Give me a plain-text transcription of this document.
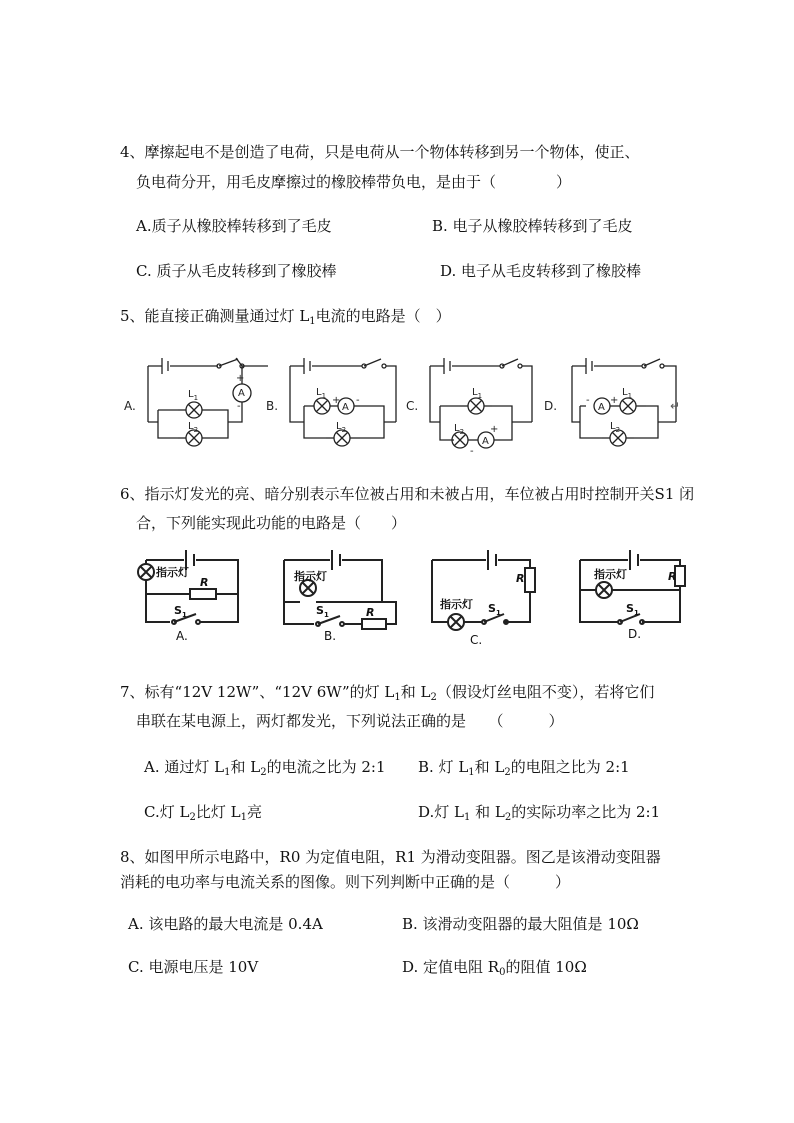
4、摩擦起电不是创造了电荷，只是电荷从一个物体转移到另一个物体，使正、
负电荷分开，用毛皮摩擦过的橡胶棒带负电，是由于（　　　　）
A.质子从橡胶棒转移到了毛皮	B. 电子从橡胶棒转移到了毛皮
C. 质子从毛皮转移到了橡胶棒	D. 电子从毛皮转移到了橡胶棒
5、能直接正确测量通过灯 $L_1$电流的电路是（　）
A.
$L_1$
$L_2$
A
+
- B.
$L_1$
$L_2$
A
+ -	C.
$L_1$
$L_2$
A
+
-
D.
$L_1$
$L_2$
A
- +	↵
6、指示灯发光的亮、暗分别表示车位被占用和未被占用，车位被占用时控制开关S1 闭
合，下列能实现此功能的电路是（　　）
指示灯
R
$S_1$
A.
指示灯
R
$S_1$
B.
指示灯
R
$S_1$
C.
指示灯	R
$S_1$
D.
7、标有“12V 12W”、“12V 6W”的灯 $L_1$和 $L_2$（假设灯丝电阻不变），若将它们
串联在某电源上，两灯都发光，下列说法正确的是　　（　　　）
A. 通过灯 $L_1$和 $L_2$的电流之比为 2:1 B. 灯 $L_1$和 $L_2$的电阻之比为 2:1
C.灯 $L_2$比灯 $L_1$亮	D.灯 $L_1$ 和 $L_2$的实际功率之比为 2:1
8、如图甲所示电路中，R0 为定值电阻，R1 为滑动变阻器。图乙是该滑动变阻器
消耗的电功率与电流关系的图像。则下列判断中正确的是（　　　）
A. 该电路的最大电流是 0.4A	B. 该滑动变阻器的最大阻值是 10Ω
C. 电源电压是 10V	D. 定值电阻 $R_0$的阻值 10Ω
